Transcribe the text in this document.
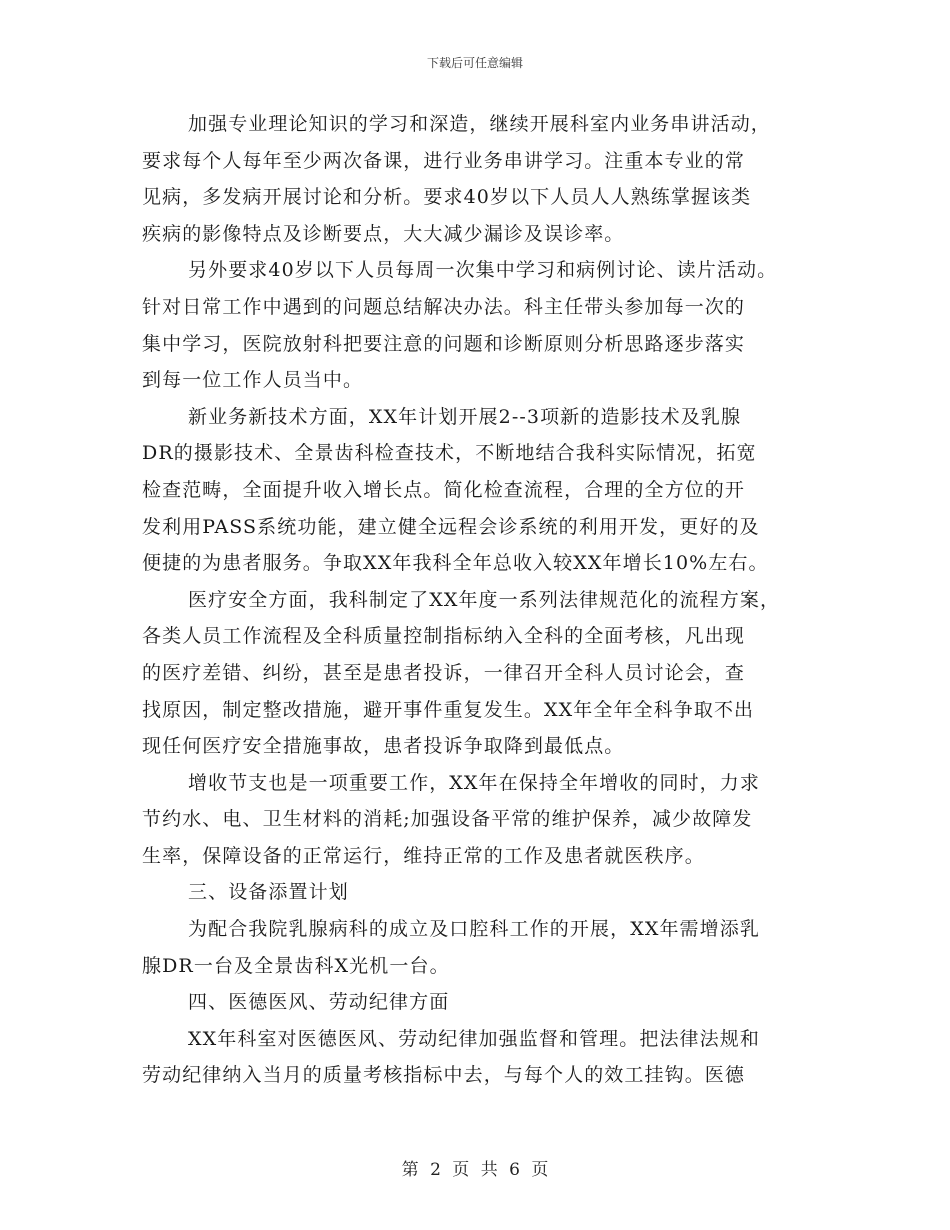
下载后可任意编辑
加强专业理论知识的学习和深造，继续开展科室内业务串讲活动，
要求每个人每年至少两次备课，进行业务串讲学习。注重本专业的常
见病，多发病开展讨论和分析。要求40岁以下人员人人熟练掌握该类
疾病的影像特点及诊断要点，大大减少漏诊及误诊率。
另外要求40岁以下人员每周一次集中学习和病例讨论、读片活动。
针对日常工作中遇到的问题总结解决办法。科主任带头参加每一次的
集中学习，医院放射科把要注意的问题和诊断原则分析思路逐步落实
到每一位工作人员当中。
新业务新技术方面，XX年计划开展2--3项新的造影技术及乳腺
DR的摄影技术、全景齿科检查技术，不断地结合我科实际情况，拓宽
检查范畴，全面提升收入增长点。简化检查流程，合理的全方位的开
发利用PASS系统功能，建立健全远程会诊系统的利用开发，更好的及
便捷的为患者服务。争取XX年我科全年总收入较XX年增长10%左右。
医疗安全方面，我科制定了XX年度一系列法律规范化的流程方案，
各类人员工作流程及全科质量控制指标纳入全科的全面考核，凡出现
的医疗差错、纠纷，甚至是患者投诉，一律召开全科人员讨论会，查
找原因，制定整改措施，避开事件重复发生。XX年全年全科争取不出
现任何医疗安全措施事故，患者投诉争取降到最低点。
增收节支也是一项重要工作，XX年在保持全年增收的同时，力求
节约水、电、卫生材料的消耗;加强设备平常的维护保养，减少故障发
生率，保障设备的正常运行，维持正常的工作及患者就医秩序。
三、设备添置计划
为配合我院乳腺病科的成立及口腔科工作的开展，XX年需增添乳
腺DR一台及全景齿科X光机一台。
四、医德医风、劳动纪律方面
XX年科室对医德医风、劳动纪律加强监督和管理。把法律法规和
劳动纪律纳入当月的质量考核指标中去，与每个人的效工挂钩。医德
第 2 页 共 6 页
